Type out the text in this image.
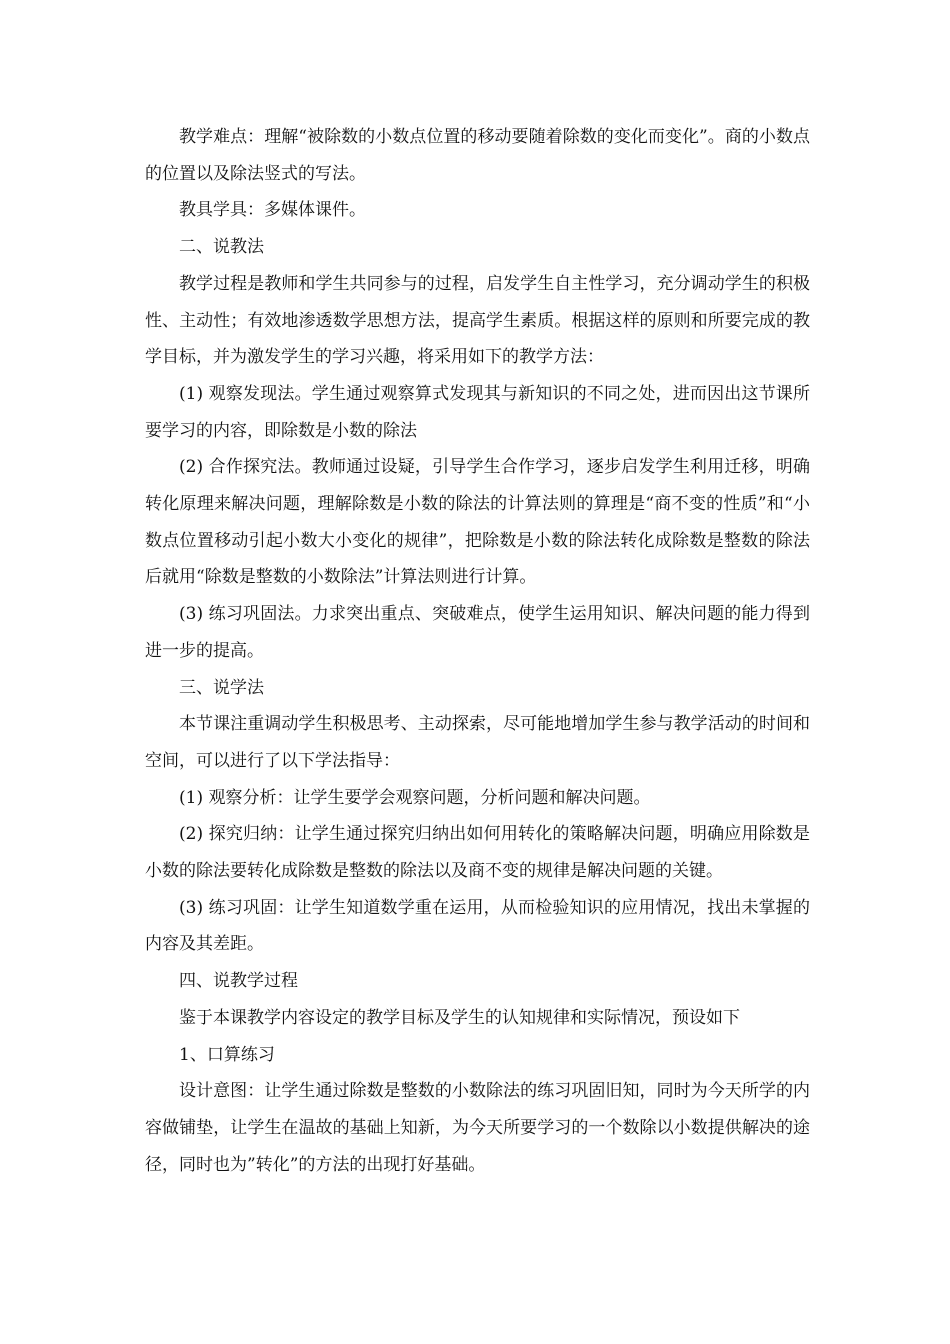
教学难点：理解“被除数的小数点位置的移动要随着除数的变化而变化”。商的小数点的位置以及除法竖式的写法。

教具学具：多媒体课件。

二、说教法

教学过程是教师和学生共同参与的过程，启发学生自主性学习，充分调动学生的积极性、主动性；有效地渗透数学思想方法，提高学生素质。根据这样的原则和所要完成的教学目标，并为激发学生的学习兴趣，将采用如下的教学方法：

(1) 观察发现法。学生通过观察算式发现其与新知识的不同之处，进而因出这节课所要学习的内容，即除数是小数的除法

(2) 合作探究法。教师通过设疑，引导学生合作学习，逐步启发学生利用迁移，明确转化原理来解决问题，理解除数是小数的除法的计算法则的算理是“商不变的性质”和“小数点位置移动引起小数大小变化的规律”，把除数是小数的除法转化成除数是整数的除法后就用“除数是整数的小数除法”计算法则进行计算。

(3) 练习巩固法。力求突出重点、突破难点，使学生运用知识、解决问题的能力得到进一步的提高。

三、说学法

本节课注重调动学生积极思考、主动探索，尽可能地增加学生参与教学活动的时间和空间，可以进行了以下学法指导：

(1) 观察分析：让学生要学会观察问题，分析问题和解决问题。

(2) 探究归纳：让学生通过探究归纳出如何用转化的策略解决问题，明确应用除数是小数的除法要转化成除数是整数的除法以及商不变的规律是解决问题的关键。

(3) 练习巩固：让学生知道数学重在运用，从而检验知识的应用情况，找出未掌握的内容及其差距。

四、说教学过程

鉴于本课教学内容设定的教学目标及学生的认知规律和实际情况，预设如下

1、口算练习

设计意图：让学生通过除数是整数的小数除法的练习巩固旧知，同时为今天所学的内容做铺垫，让学生在温故的基础上知新，为今天所要学习的一个数除以小数提供解决的途径，同时也为”转化”的方法的出现打好基础。
